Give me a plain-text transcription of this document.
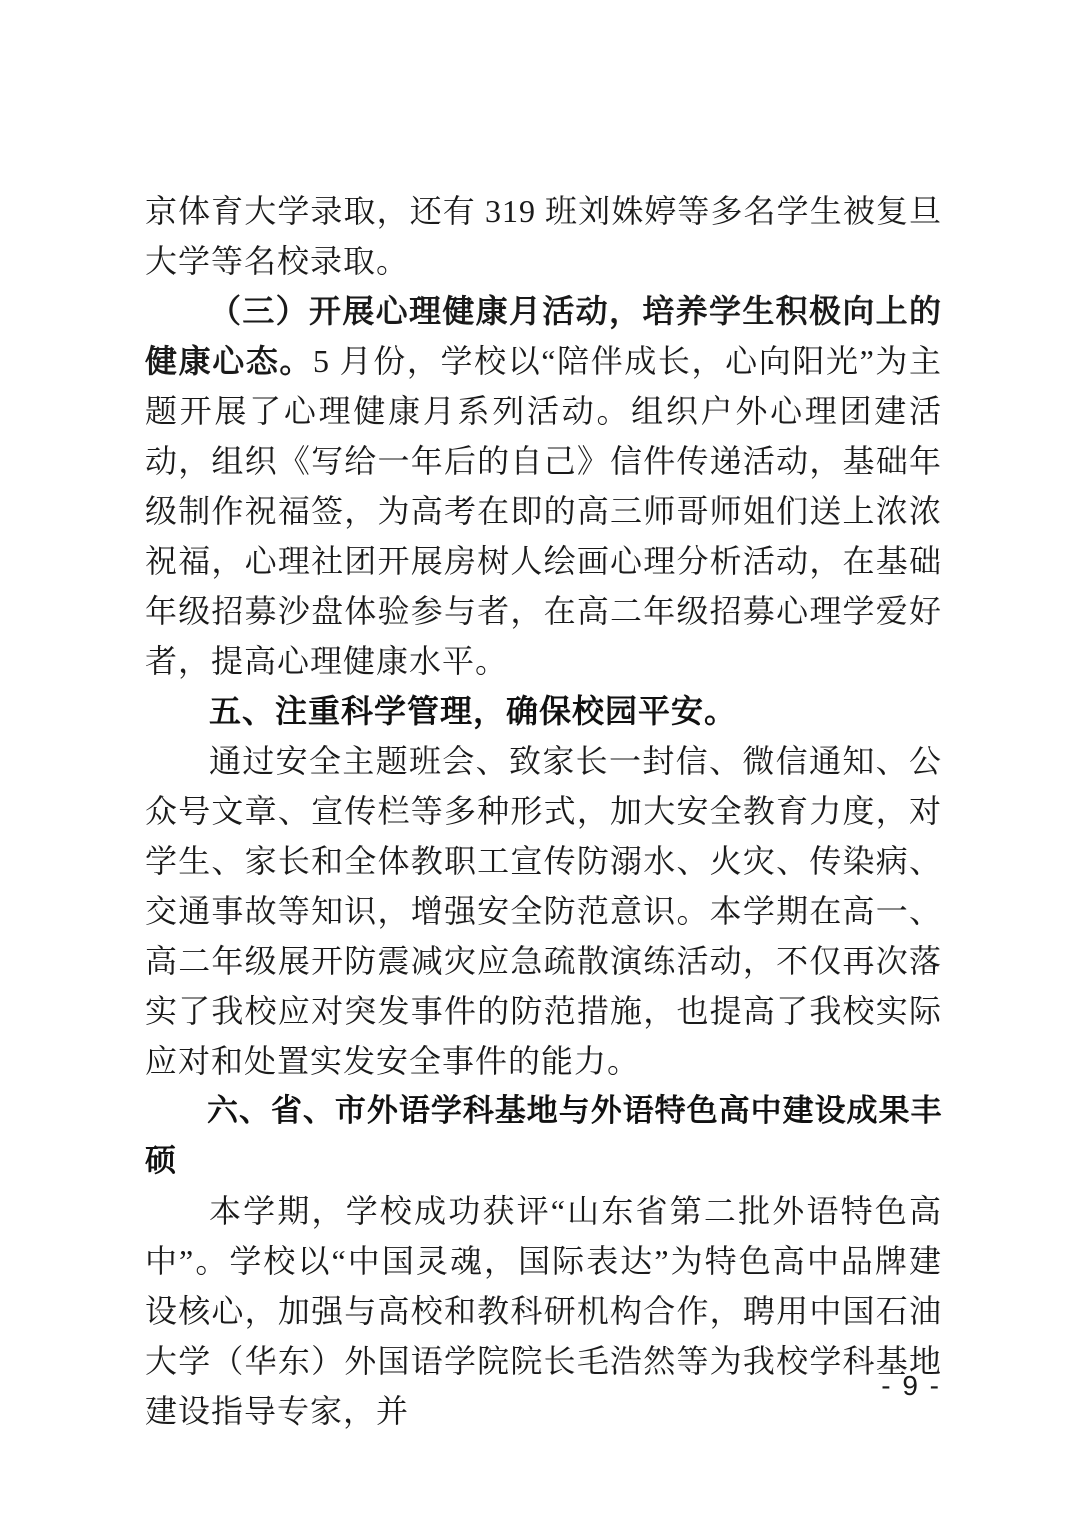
京体育大学录取，还有 319 班刘姝婷等多名学生被复旦大学等名校录取。

（三）开展心理健康月活动，培养学生积极向上的健康心态。5 月份，学校以“陪伴成长，心向阳光”为主题开展了心理健康月系列活动。组织户外心理团建活动，组织《写给一年后的自己》信件传递活动，基础年级制作祝福签，为高考在即的高三师哥师姐们送上浓浓祝福，心理社团开展房树人绘画心理分析活动，在基础年级招募沙盘体验参与者，在高二年级招募心理学爱好者，提高心理健康水平。

五、注重科学管理，确保校园平安。

通过安全主题班会、致家长一封信、微信通知、公众号文章、宣传栏等多种形式，加大安全教育力度，对学生、家长和全体教职工宣传防溺水、火灾、传染病、交通事故等知识，增强安全防范意识。本学期在高一、高二年级展开防震减灾应急疏散演练活动，不仅再次落实了我校应对突发事件的防范措施，也提高了我校实际应对和处置实发安全事件的能力。

六、省、市外语学科基地与外语特色高中建设成果丰硕

本学期，学校成功获评“山东省第二批外语特色高中”。学校以“中国灵魂，国际表达”为特色高中品牌建设核心，加强与高校和教科研机构合作，聘用中国石油大学（华东）外国语学院院长毛浩然等为我校学科基地建设指导专家，并

- 9 -
